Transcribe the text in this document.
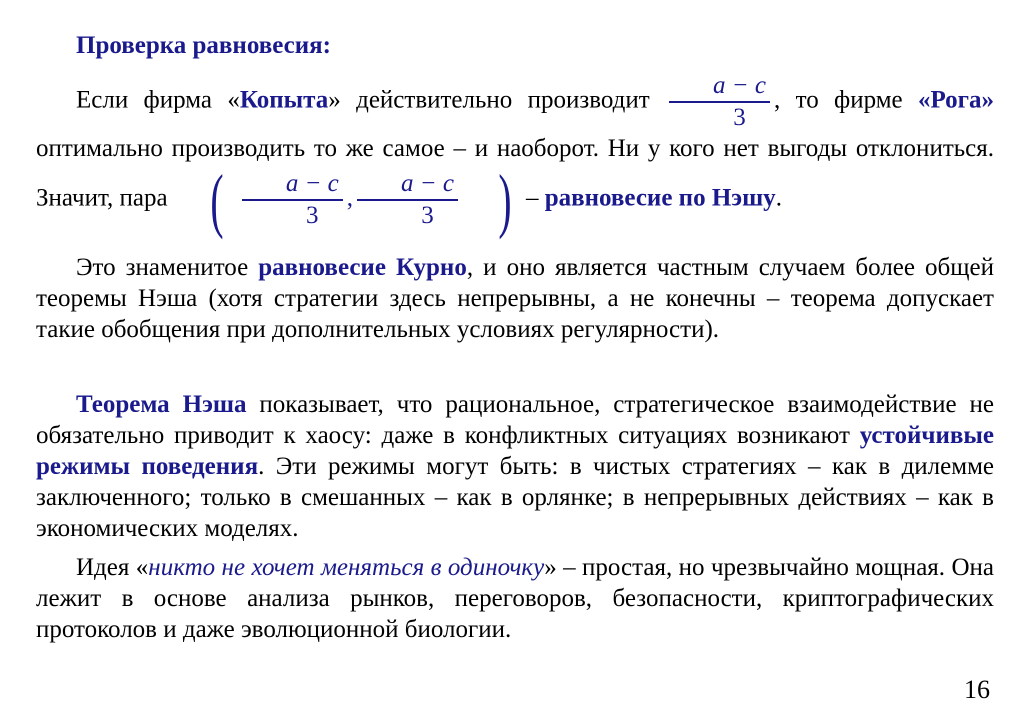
Проверка равновесия:

Если фирма «Копыта» действительно производит $\frac{a - c}{3}$ , то фирме «Рога» оптимально производить то же самое – и наоборот. Ни у кого нет выгоды отклониться. Значит, пара ( $\frac{a - c}{3}$ , $\frac{a - c}{3}$ ) – равновесие по Нэшу.

Это знаменитое равновесие Курно, и оно является частным случаем более общей теоремы Нэша (хотя стратегии здесь непрерывны, а не конечны – теорема допускает такие обобщения при дополнительных условиях регулярности).

Теорема Нэша показывает, что рациональное, стратегическое взаимодействие не обязательно приводит к хаосу: даже в конфликтных ситуациях возникают устойчивые режимы поведения. Эти режимы могут быть: в чистых стратегиях – как в дилемме заключенного; только в смешанных – как в орлянке; в непрерывных действиях – как в экономических моделях.

Идея «никто не хочет меняться в одиночку» – простая, но чрезвычайно мощная. Она лежит в основе анализа рынков, переговоров, безопасности, криптографических протоколов и даже эволюционной биологии.

16
